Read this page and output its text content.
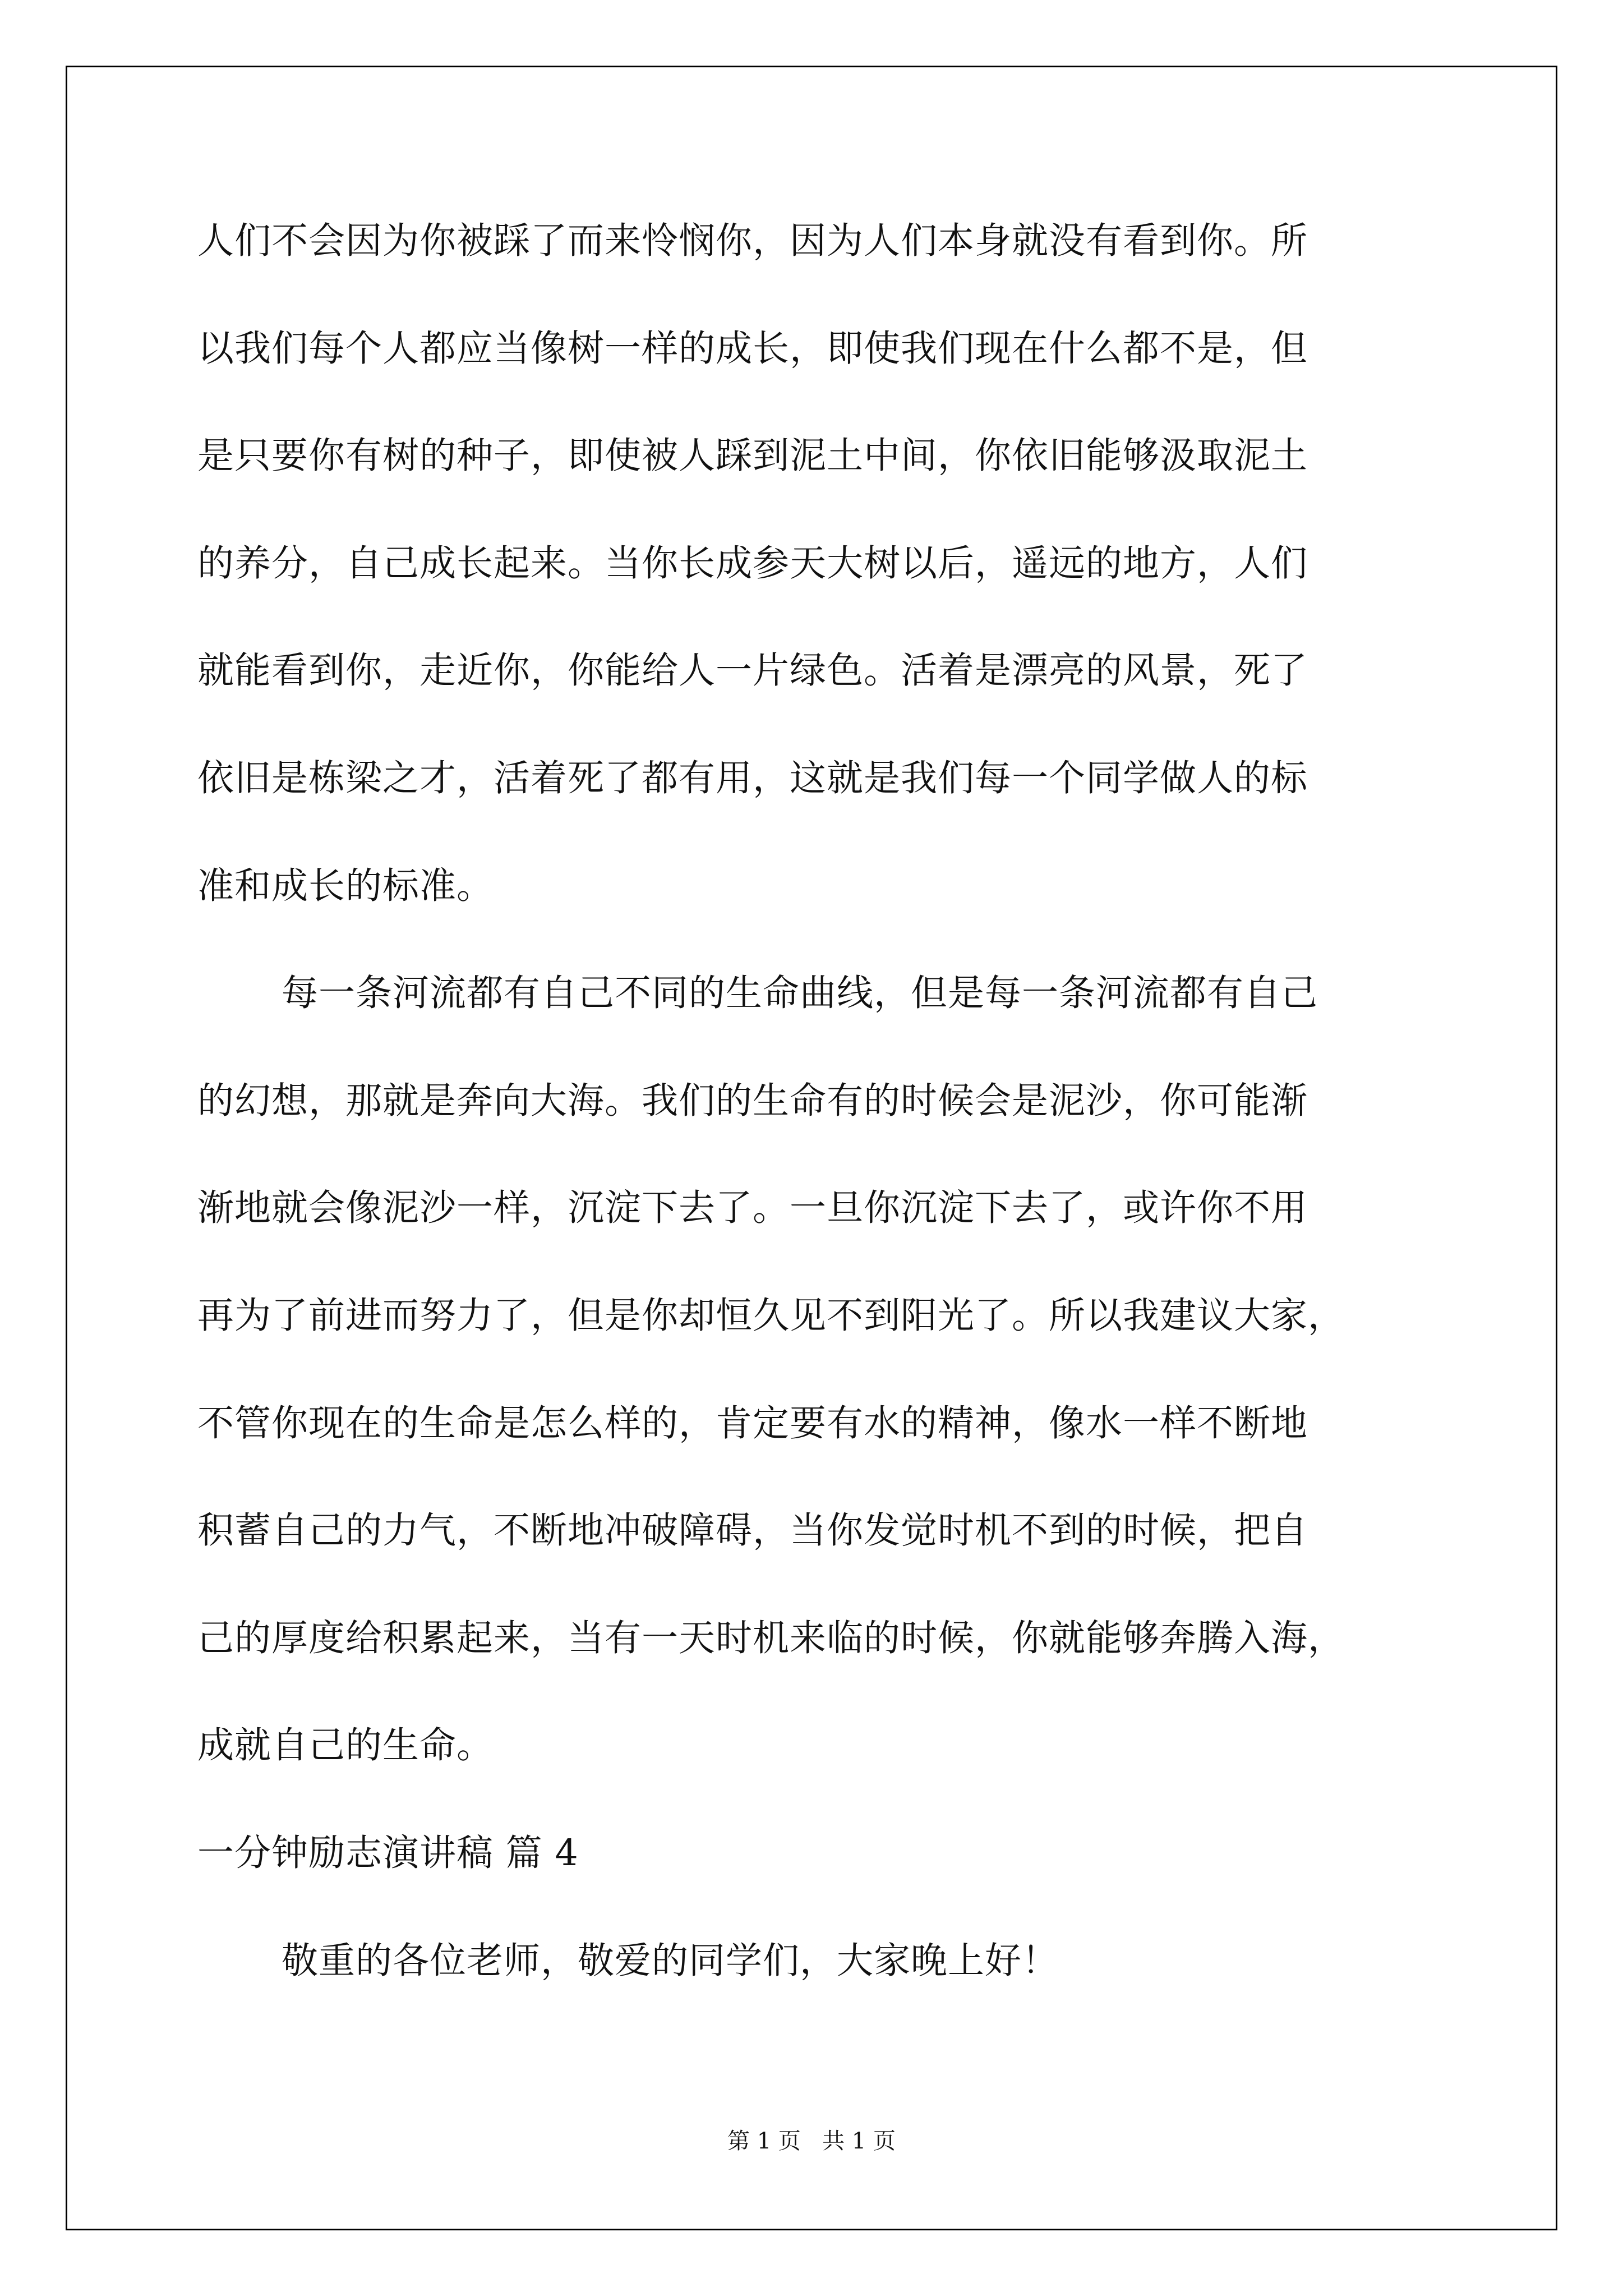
人们不会因为你被踩了而来怜悯你，因为人们本身就没有看到你。所
以我们每个人都应当像树一样的成长，即使我们现在什么都不是，但
是只要你有树的种子，即使被人踩到泥土中间，你依旧能够汲取泥土
的养分，自己成长起来。当你长成参天大树以后，遥远的地方，人们
就能看到你，走近你，你能给人一片绿色。活着是漂亮的风景，死了
依旧是栋梁之才，活着死了都有用，这就是我们每一个同学做人的标
准和成长的标准。
每一条河流都有自己不同的生命曲线，但是每一条河流都有自己
的幻想，那就是奔向大海。我们的生命有的时候会是泥沙，你可能渐
渐地就会像泥沙一样，沉淀下去了。一旦你沉淀下去了，或许你不用
再为了前进而努力了，但是你却恒久见不到阳光了。所以我建议大家，
不管你现在的生命是怎么样的，肯定要有水的精神，像水一样不断地
积蓄自己的力气，不断地冲破障碍，当你发觉时机不到的时候，把自
己的厚度给积累起来，当有一天时机来临的时候，你就能够奔腾入海，
成就自己的生命。
一分钟励志演讲稿 篇 4
敬重的各位老师，敬爱的同学们，大家晚上好！
第 1 页   共 1 页
